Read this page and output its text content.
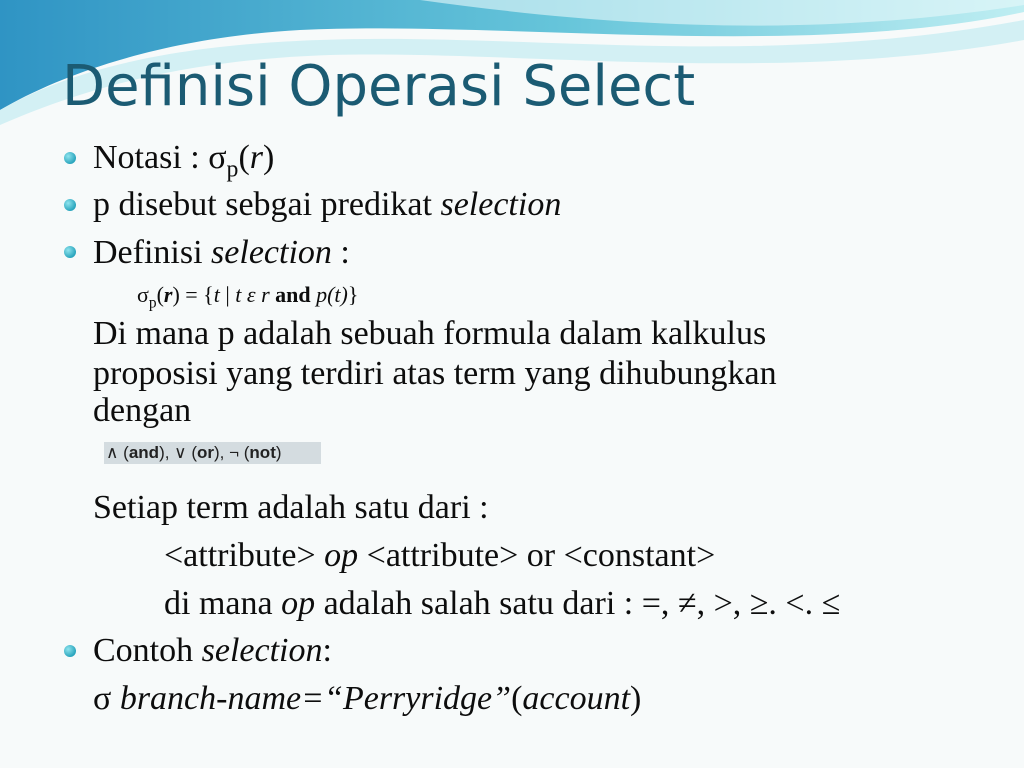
Definisi Operasi Select
Notasi : $\sigma_p(r)$
p disebut sebgai predikat selection
Definisi selection :
$\sigma_p(r) = \{t$ | t ε r and p(t)}
Di mana p adalah sebuah formula dalam kalkulus
proposisi yang terdiri atas term yang dihubungkan
dengan
∧ (and), ∨ (or), ¬ (not)
Setiap term adalah satu dari :
<attribute> op <attribute> or <constant>
di mana op adalah salah satu dari : =, ≠, >, ≥. <. ≤
Contoh selection:
σ branch-name=“Perryridge”(account)
